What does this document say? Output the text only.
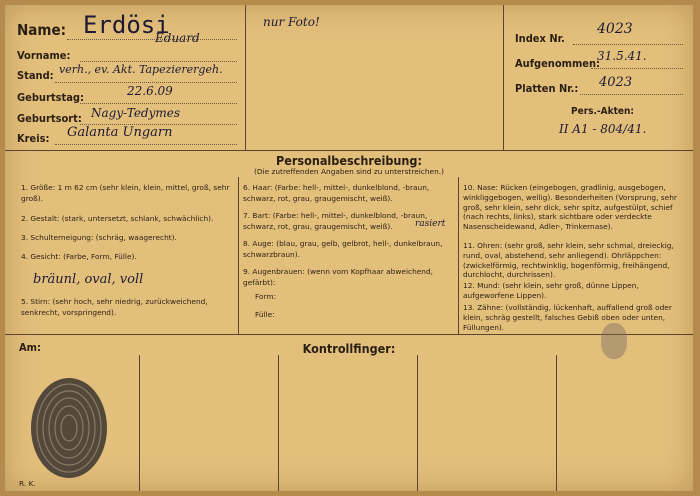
Name: Erdösi
Vorname:
Eduard
Stand: verh., ev. Akt. Tapezierergeh.
Geburtstag:	22.6.09
Geburtsort: Nagy-Tedymes
Kreis: Galanta Ungarn
nur Foto!
Index Nr.
4023
Aufgenommen:
31.5.41.
Platten Nr.: 4023
Pers.-Akten:
II A1 - 804/41.
Personalbeschreibung:
(Die zutreffenden Angaben sind zu unterstreichen.)
1. Größe: 1 m 62 cm (sehr klein, klein, mittel, groß, sehr groß).
2. Gestalt: (stark, untersetzt, schlank, schwächlich).
3. Schulterneigung: (schräg, waagerecht).
4. Gesicht: (Farbe, Form, Fülle).
bräunl, oval, voll
5. Stirn: (sehr hoch, sehr niedrig, zurückweichend, senkrecht, vorspringend).
6. Haar: (Farbe: hell-, mittel-, dunkelblond, -braun, schwarz, rot, grau, graugemischt, weiß).
7. Bart: (Farbe: hell-, mittel-, dunkelblond, -braun, schwarz, rot, grau, graugemischt, weiß).	rasiert
8. Auge: (blau, grau, gelb, gelbrot, hell-, dunkelbraun, schwarzbraun).
9. Augenbrauen: (wenn vom Kopfhaar abweichend, gefärbt):
Form:
Fülle:
10. Nase: Rücken (eingebogen, gradlinig, ausgebogen, winkliggebogen, wellig). Besonderheiten (Vorsprung, sehr groß, sehr klein, sehr dick, sehr spitz, aufgestülpt, schief (nach rechts, links), stark sichtbare oder verdeckte Nasenscheidewand, Adler-, Trinkernase).
11. Ohren: (sehr groß, sehr klein, sehr schmal, dreieckig, rund, oval, abstehend, sehr anliegend). Ohrläppchen: (zwickelförmig, rechtwinklig, bogenförmig, freihängend, durchlocht, durchrissen).
12. Mund: (sehr klein, sehr groß, dünne Lippen, aufgeworfene Lippen).
13. Zähne: (vollständig, lückenhaft, auffallend groß oder klein, schräg gestellt, falsches Gebiß oben oder unten, Füllungen).
Am:	Kontrollfinger:
R. K.
